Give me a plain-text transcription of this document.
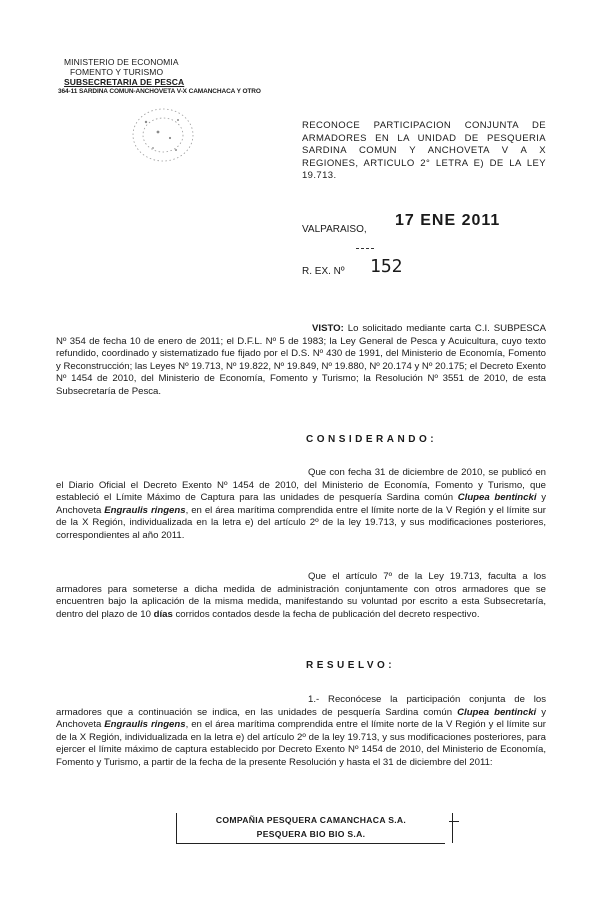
MINISTERIO DE ECONOMIA
FOMENTO Y TURISMO
SUBSECRETARIA DE PESCA
364-11 SARDINA COMUN-ANCHOVETA V-X CAMANCHACA Y OTRO
RECONOCE PARTICIPACION CONJUNTA DE ARMADORES EN LA UNIDAD DE PESQUERIA SARDINA COMUN Y ANCHOVETA V A X REGIONES, ARTICULO 2° LETRA E) DE LA LEY 19.713.
VALPARAISO,
17 ENE 2011
R. EX. Nº 152
VISTO: Lo solicitado mediante carta C.I. SUBPESCA Nº 354 de fecha 10 de enero de 2011; el D.F.L. Nº 5 de 1983; la Ley General de Pesca y Acuicultura, cuyo texto refundido, coordinado y sistematizado fue fijado por el D.S. Nº 430 de 1991, del Ministerio de Economía, Fomento y Reconstrucción; las Leyes Nº 19.713, Nº 19.822, Nº 19.849, Nº 19.880, Nº 20.174 y Nº 20.175; el Decreto Exento Nº 1454 de 2010, del Ministerio de Economía, Fomento y Turismo; la Resolución Nº 3551 de 2010, de esta Subsecretaría de Pesca.
CONSIDERANDO:
Que con fecha 31 de diciembre de 2010, se publicó en el Diario Oficial el Decreto Exento Nº 1454 de 2010, del Ministerio de Economía, Fomento y Turismo, que estableció el Límite Máximo de Captura para las unidades de pesquería Sardina común Clupea bentincki y Anchoveta Engraulis ringens, en el área marítima comprendida entre el límite norte de la V Región y el límite sur de la X Región, individualizada en la letra e) del artículo 2º de la ley 19.713, y sus modificaciones posteriores, correspondientes al año 2011.
Que el artículo 7º de la Ley 19.713, faculta a los armadores para someterse a dicha medida de administración conjuntamente con otros armadores que se encuentren bajo la aplicación de la misma medida, manifestando su voluntad por escrito a esta Subsecretaría, dentro del plazo de 10 días corridos contados desde la fecha de publicación del decreto respectivo.
RESUELVO:
1.- Reconócese la participación conjunta de los armadores que a continuación se indica, en las unidades de pesquería Sardina común Clupea bentincki y Anchoveta Engraulis ringens, en el área marítima comprendida entre el límite norte de la V Región y el límite sur de la X Región, individualizada en la letra e) del artículo 2º de la ley 19.713, y sus modificaciones posteriores, para ejercer el límite máximo de captura establecido por Decreto Exento Nº 1454 de 2010, del Ministerio de Economía, Fomento y Turismo, a partir de la fecha de la presente Resolución y hasta el 31 de diciembre del 2011:
COMPAÑIA PESQUERA CAMANCHACA S.A.
PESQUERA BIO BIO S.A.
